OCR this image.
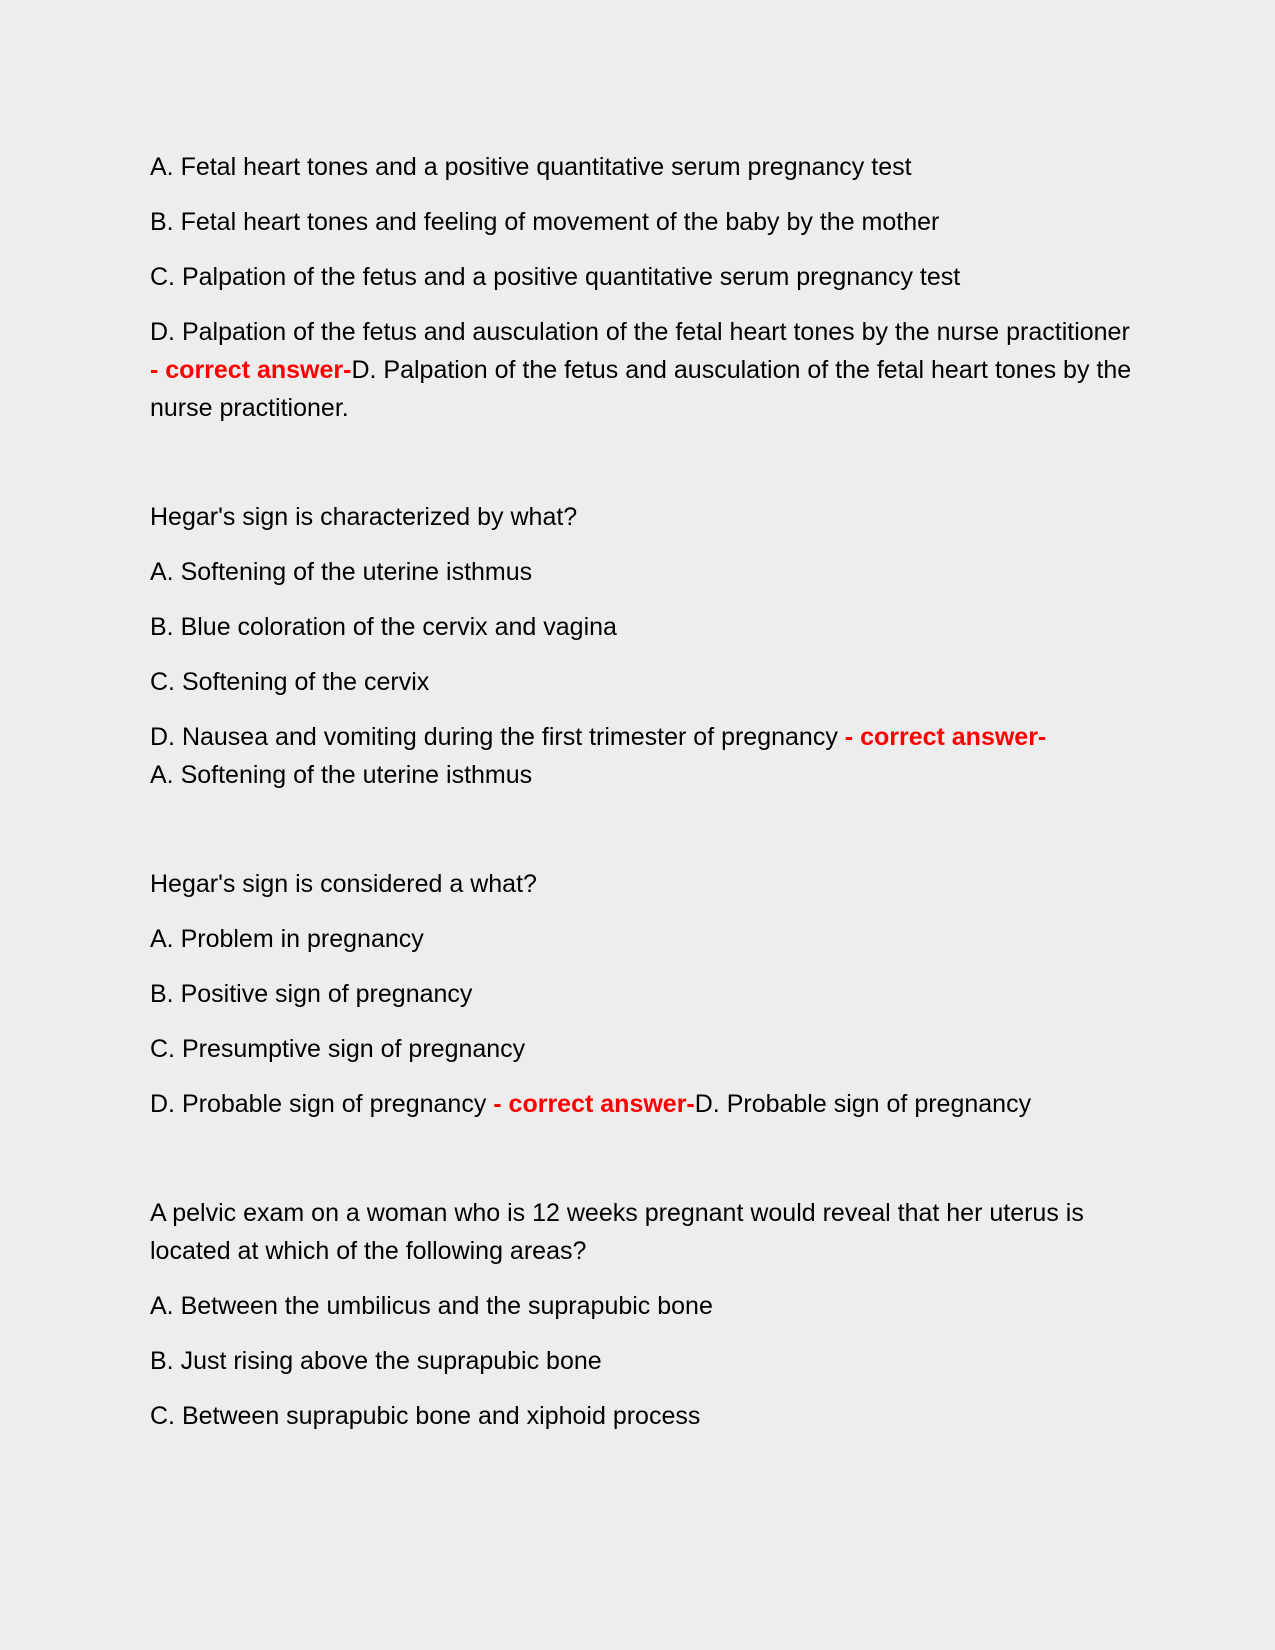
A. Fetal heart tones and a positive quantitative serum pregnancy test

B. Fetal heart tones and feeling of movement of the baby by the mother

C. Palpation of the fetus and a positive quantitative serum pregnancy test

D. Palpation of the fetus and ausculation of the fetal heart tones by the nurse practitioner - correct answer-D. Palpation of the fetus and ausculation of the fetal heart tones by the nurse practitioner.

Hegar's sign is characterized by what?

A. Softening of the uterine isthmus

B. Blue coloration of the cervix and vagina

C. Softening of the cervix

D. Nausea and vomiting during the first trimester of pregnancy - correct answer-
A. Softening of the uterine isthmus

Hegar's sign is considered a what?

A. Problem in pregnancy

B. Positive sign of pregnancy

C. Presumptive sign of pregnancy

D. Probable sign of pregnancy - correct answer-D. Probable sign of pregnancy

A pelvic exam on a woman who is 12 weeks pregnant would reveal that her uterus is located at which of the following areas?

A. Between the umbilicus and the suprapubic bone

B. Just rising above the suprapubic bone

C. Between suprapubic bone and xiphoid process
